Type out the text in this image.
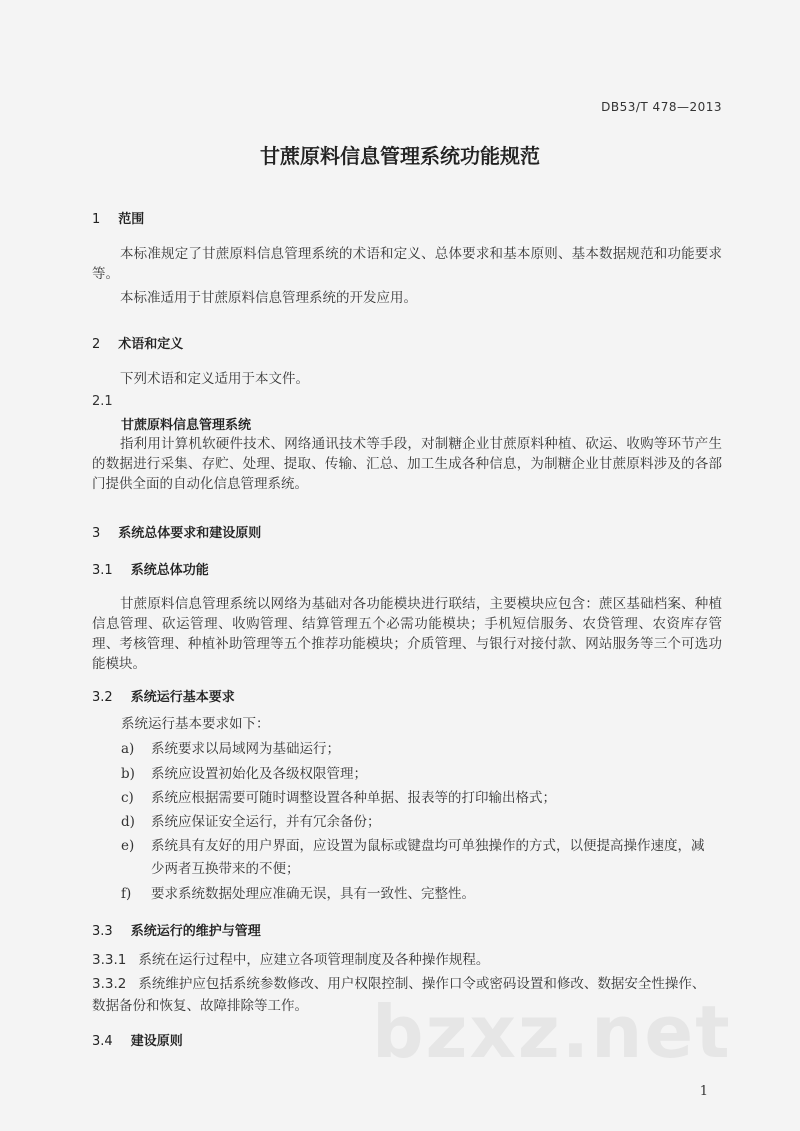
DB53/T 478—2013
甘蔗原料信息管理系统功能规范
1 范围
本标准规定了甘蔗原料信息管理系统的术语和定义、总体要求和基本原则、基本数据规范和功能要求等。
本标准适用于甘蔗原料信息管理系统的开发应用。
2 术语和定义
下列术语和定义适用于本文件。
2.1
甘蔗原料信息管理系统
指利用计算机软硬件技术、网络通讯技术等手段，对制糖企业甘蔗原料种植、砍运、收购等环节产生的数据进行采集、存贮、处理、提取、传输、汇总、加工生成各种信息，为制糖企业甘蔗原料涉及的各部门提供全面的自动化信息管理系统。
3 系统总体要求和建设原则
3.1 系统总体功能
甘蔗原料信息管理系统以网络为基础对各功能模块进行联结，主要模块应包含：蔗区基础档案、种植信息管理、砍运管理、收购管理、结算管理五个必需功能模块；手机短信服务、农贷管理、农资库存管理、考核管理、种植补助管理等五个推荐功能模块；介质管理、与银行对接付款、网站服务等三个可选功能模块。
3.2 系统运行基本要求
系统运行基本要求如下：
a) 系统要求以局域网为基础运行；
b) 系统应设置初始化及各级权限管理；
c) 系统应根据需要可随时调整设置各种单据、报表等的打印输出格式；
d) 系统应保证安全运行，并有冗余备份；
e) 系统具有友好的用户界面，应设置为鼠标或键盘均可单独操作的方式，以便提高操作速度，减
少两者互换带来的不便；
f) 要求系统数据处理应准确无误，具有一致性、完整性。
3.3 系统运行的维护与管理
3.3.1 系统在运行过程中，应建立各项管理制度及各种操作规程。
3.3.2 系统维护应包括系统参数修改、用户权限控制、操作口令或密码设置和修改、数据安全性操作、
数据备份和恢复、故障排除等工作。
3.4 建设原则	bzxz.net
1
